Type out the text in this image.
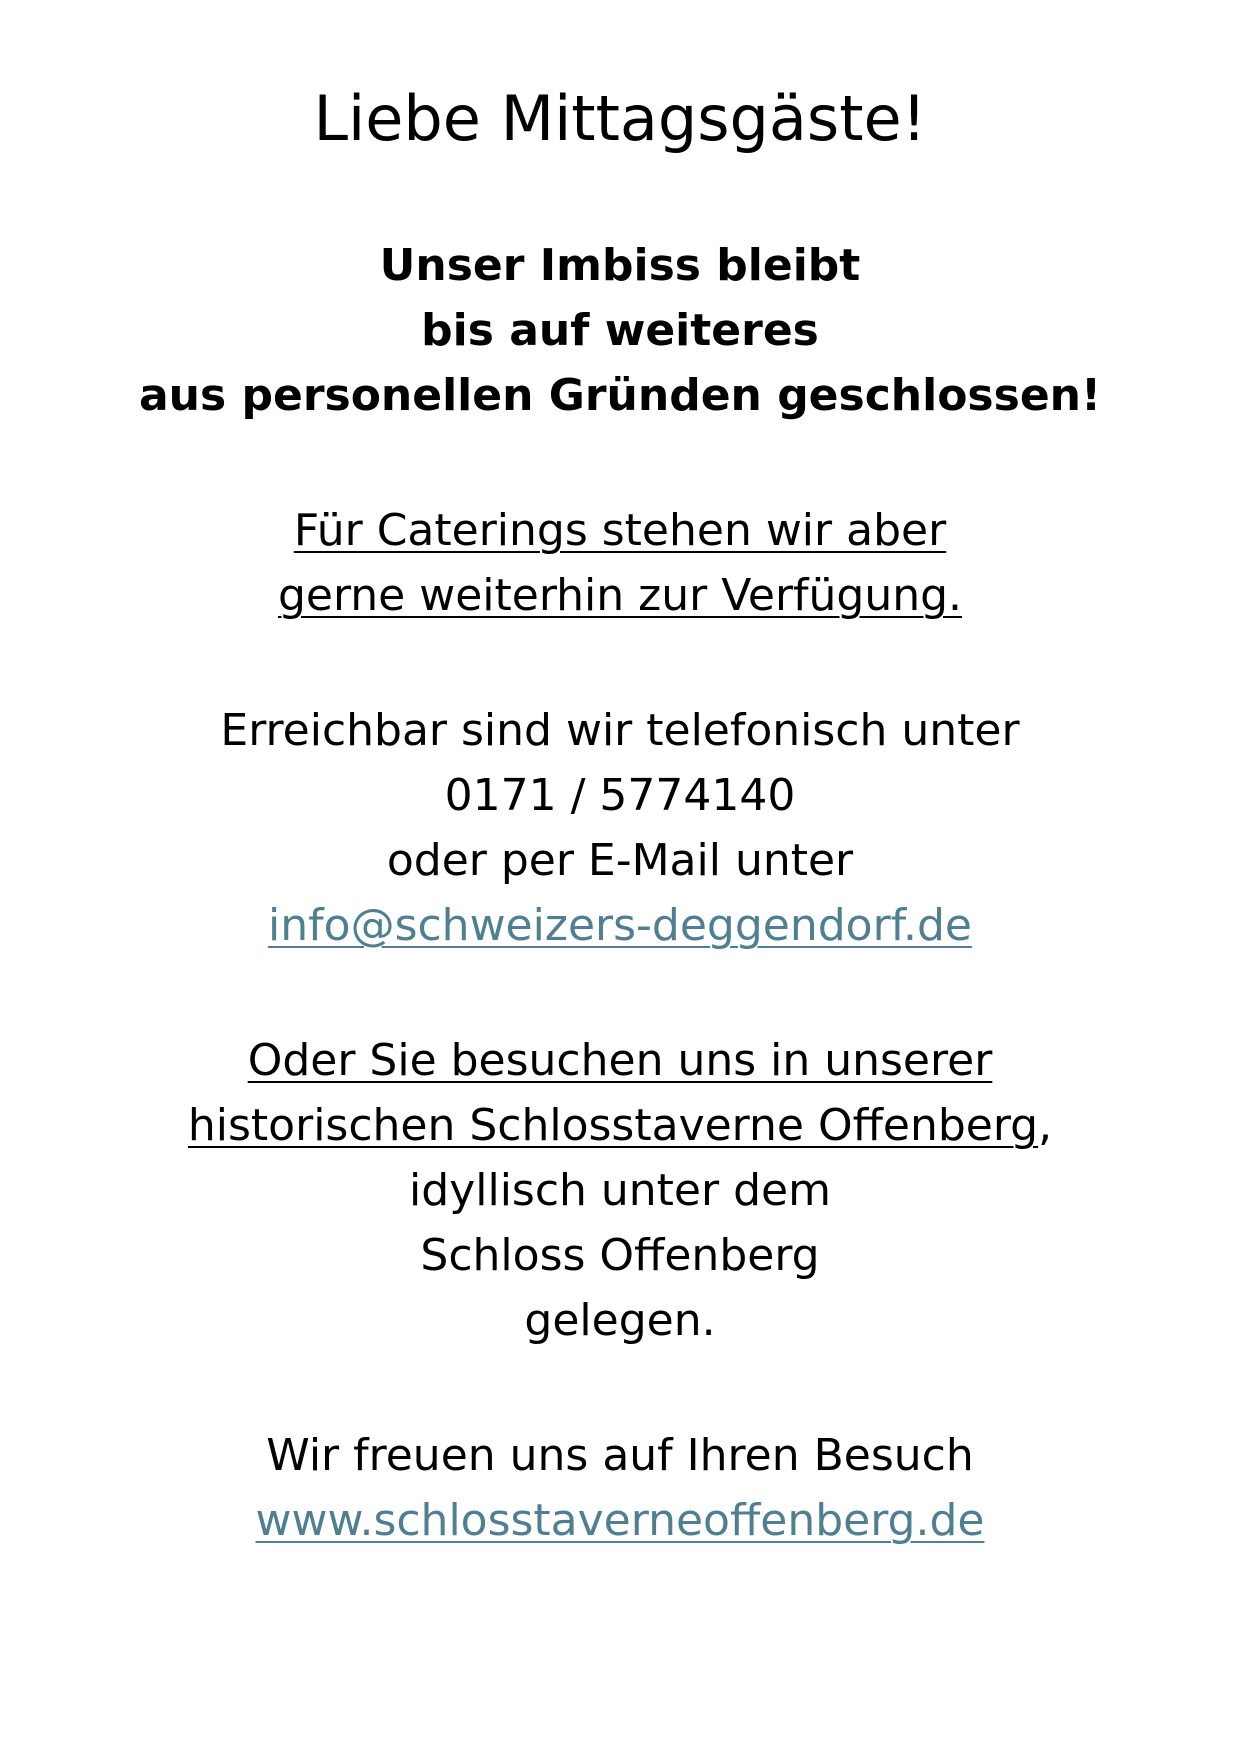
Liebe Mittagsgäste!
Unser Imbiss bleibt
bis auf weiteres
aus personellen Gründen geschlossen!
Für Caterings stehen wir aber
gerne weiterhin zur Verfügung.
Erreichbar sind wir telefonisch unter
0171 / 5774140
oder per E-Mail unter
info@schweizers-deggendorf.de
Oder Sie besuchen uns in unserer
historischen Schlosstaverne Offenberg,
idyllisch unter dem
Schloss Offenberg
gelegen.
Wir freuen uns auf Ihren Besuch
www.schlosstaverneoffenberg.de
